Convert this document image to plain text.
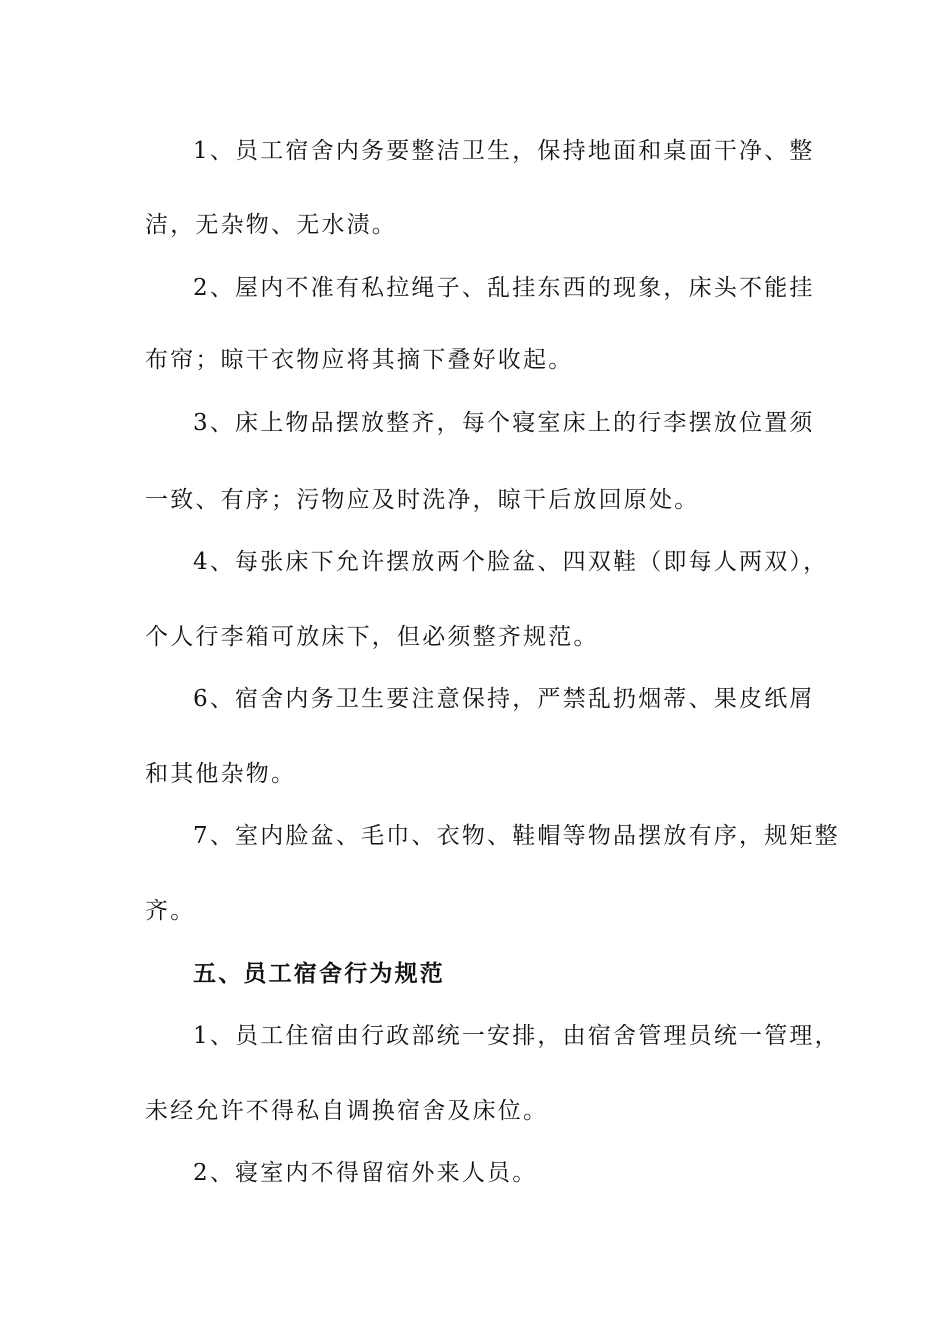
1、员工宿舍内务要整洁卫生，保持地面和桌面干净、整
洁，无杂物、无水渍。
2、屋内不准有私拉绳子、乱挂东西的现象，床头不能挂
布帘；晾干衣物应将其摘下叠好收起。
3、床上物品摆放整齐，每个寝室床上的行李摆放位置须
一致、有序；污物应及时洗净，晾干后放回原处。
4、每张床下允许摆放两个脸盆、四双鞋（即每人两双），
个人行李箱可放床下，但必须整齐规范。
6、宿舍内务卫生要注意保持，严禁乱扔烟蒂、果皮纸屑
和其他杂物。
7、室内脸盆、毛巾、衣物、鞋帽等物品摆放有序，规矩整
齐。
五、员工宿舍行为规范
1、员工住宿由行政部统一安排，由宿舍管理员统一管理，
未经允许不得私自调换宿舍及床位。
2、寝室内不得留宿外来人员。
